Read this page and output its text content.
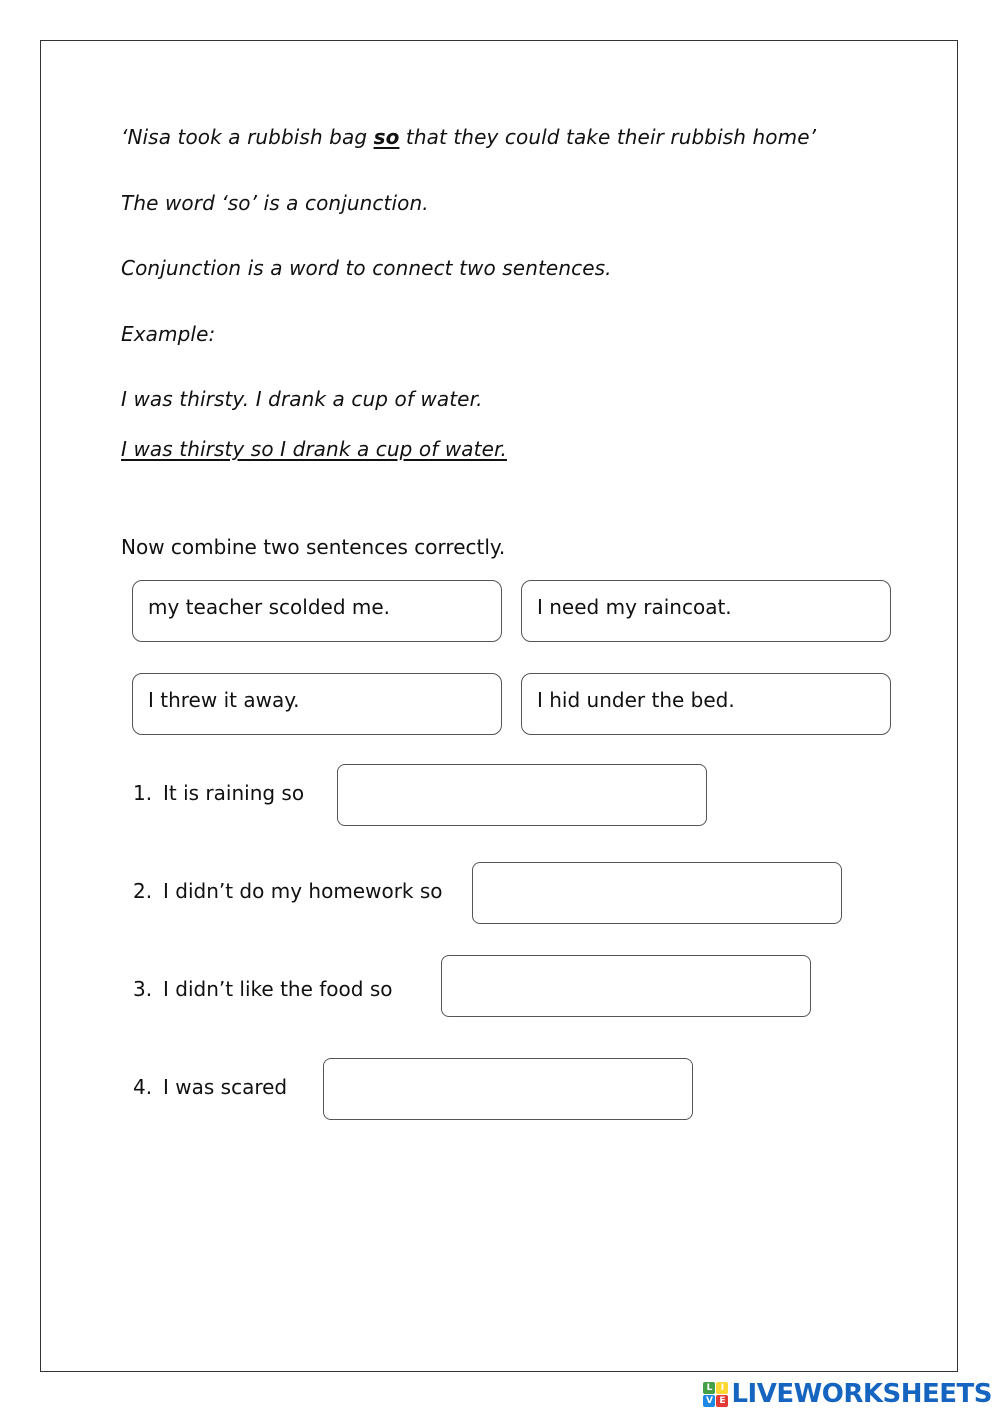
‘Nisa took a rubbish bag so that they could take their rubbish home’
The word ‘so’ is a conjunction.
Conjunction is a word to connect two sentences.
Example:
I was thirsty. I drank a cup of water.
I was thirsty so I drank a cup of water.
Now combine two sentences correctly.
my teacher scolded me.	I need my raincoat.
I threw it away.	I hid under the bed.
1. It is raining so
2. I didn’t do my homework so
3. I didn’t like the food so
4. I was scared
L I
V E LIVEWORKSHEETS
